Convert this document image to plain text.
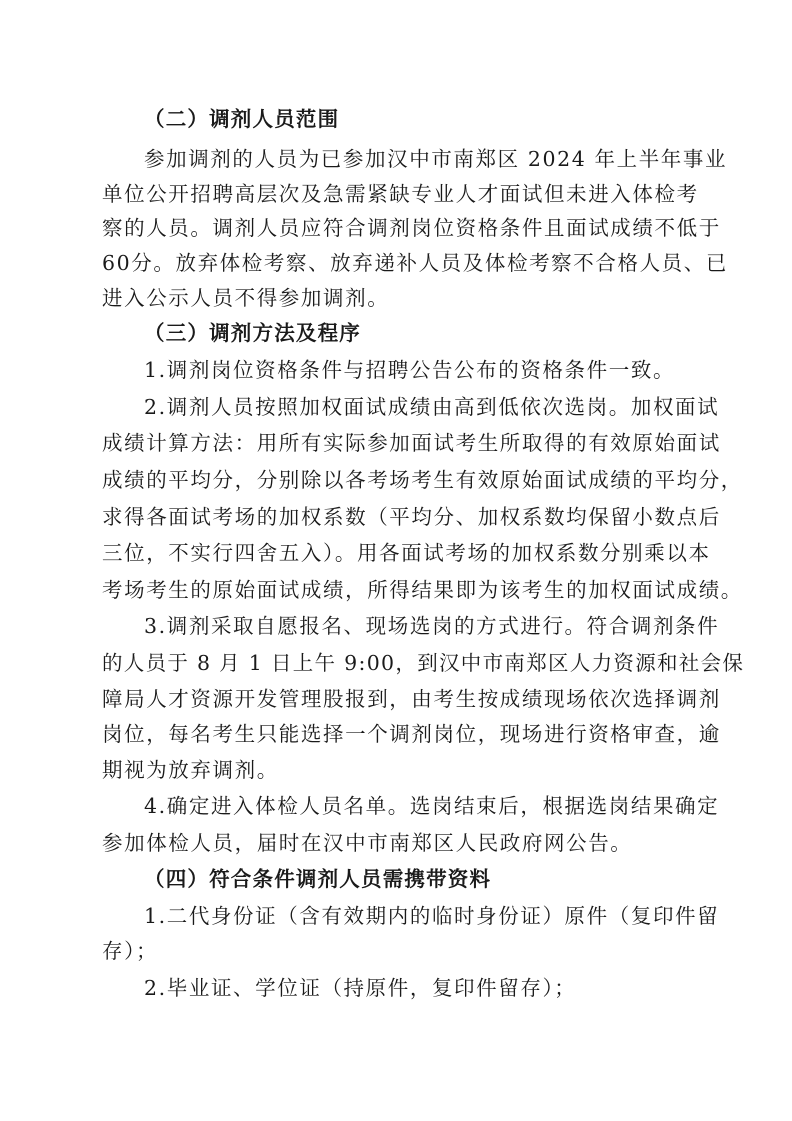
（二）调剂人员范围
参加调剂的人员为已参加汉中市南郑区 2024 年上半年事业
单位公开招聘高层次及急需紧缺专业人才面试但未进入体检考
察的人员。调剂人员应符合调剂岗位资格条件且面试成绩不低于
60分。放弃体检考察、放弃递补人员及体检考察不合格人员、已
进入公示人员不得参加调剂。
（三）调剂方法及程序
1.调剂岗位资格条件与招聘公告公布的资格条件一致。
2.调剂人员按照加权面试成绩由高到低依次选岗。加权面试
成绩计算方法：用所有实际参加面试考生所取得的有效原始面试
成绩的平均分，分别除以各考场考生有效原始面试成绩的平均分，
求得各面试考场的加权系数（平均分、加权系数均保留小数点后
三位，不实行四舍五入）。用各面试考场的加权系数分别乘以本
考场考生的原始面试成绩，所得结果即为该考生的加权面试成绩。
3.调剂采取自愿报名、现场选岗的方式进行。符合调剂条件
的人员于 8 月 1 日上午 9:00，到汉中市南郑区人力资源和社会保
障局人才资源开发管理股报到，由考生按成绩现场依次选择调剂
岗位，每名考生只能选择一个调剂岗位，现场进行资格审查，逾
期视为放弃调剂。
4.确定进入体检人员名单。选岗结束后，根据选岗结果确定
参加体检人员，届时在汉中市南郑区人民政府网公告。
（四）符合条件调剂人员需携带资料
1.二代身份证（含有效期内的临时身份证）原件（复印件留
存）；
2.毕业证、学位证（持原件，复印件留存）；
